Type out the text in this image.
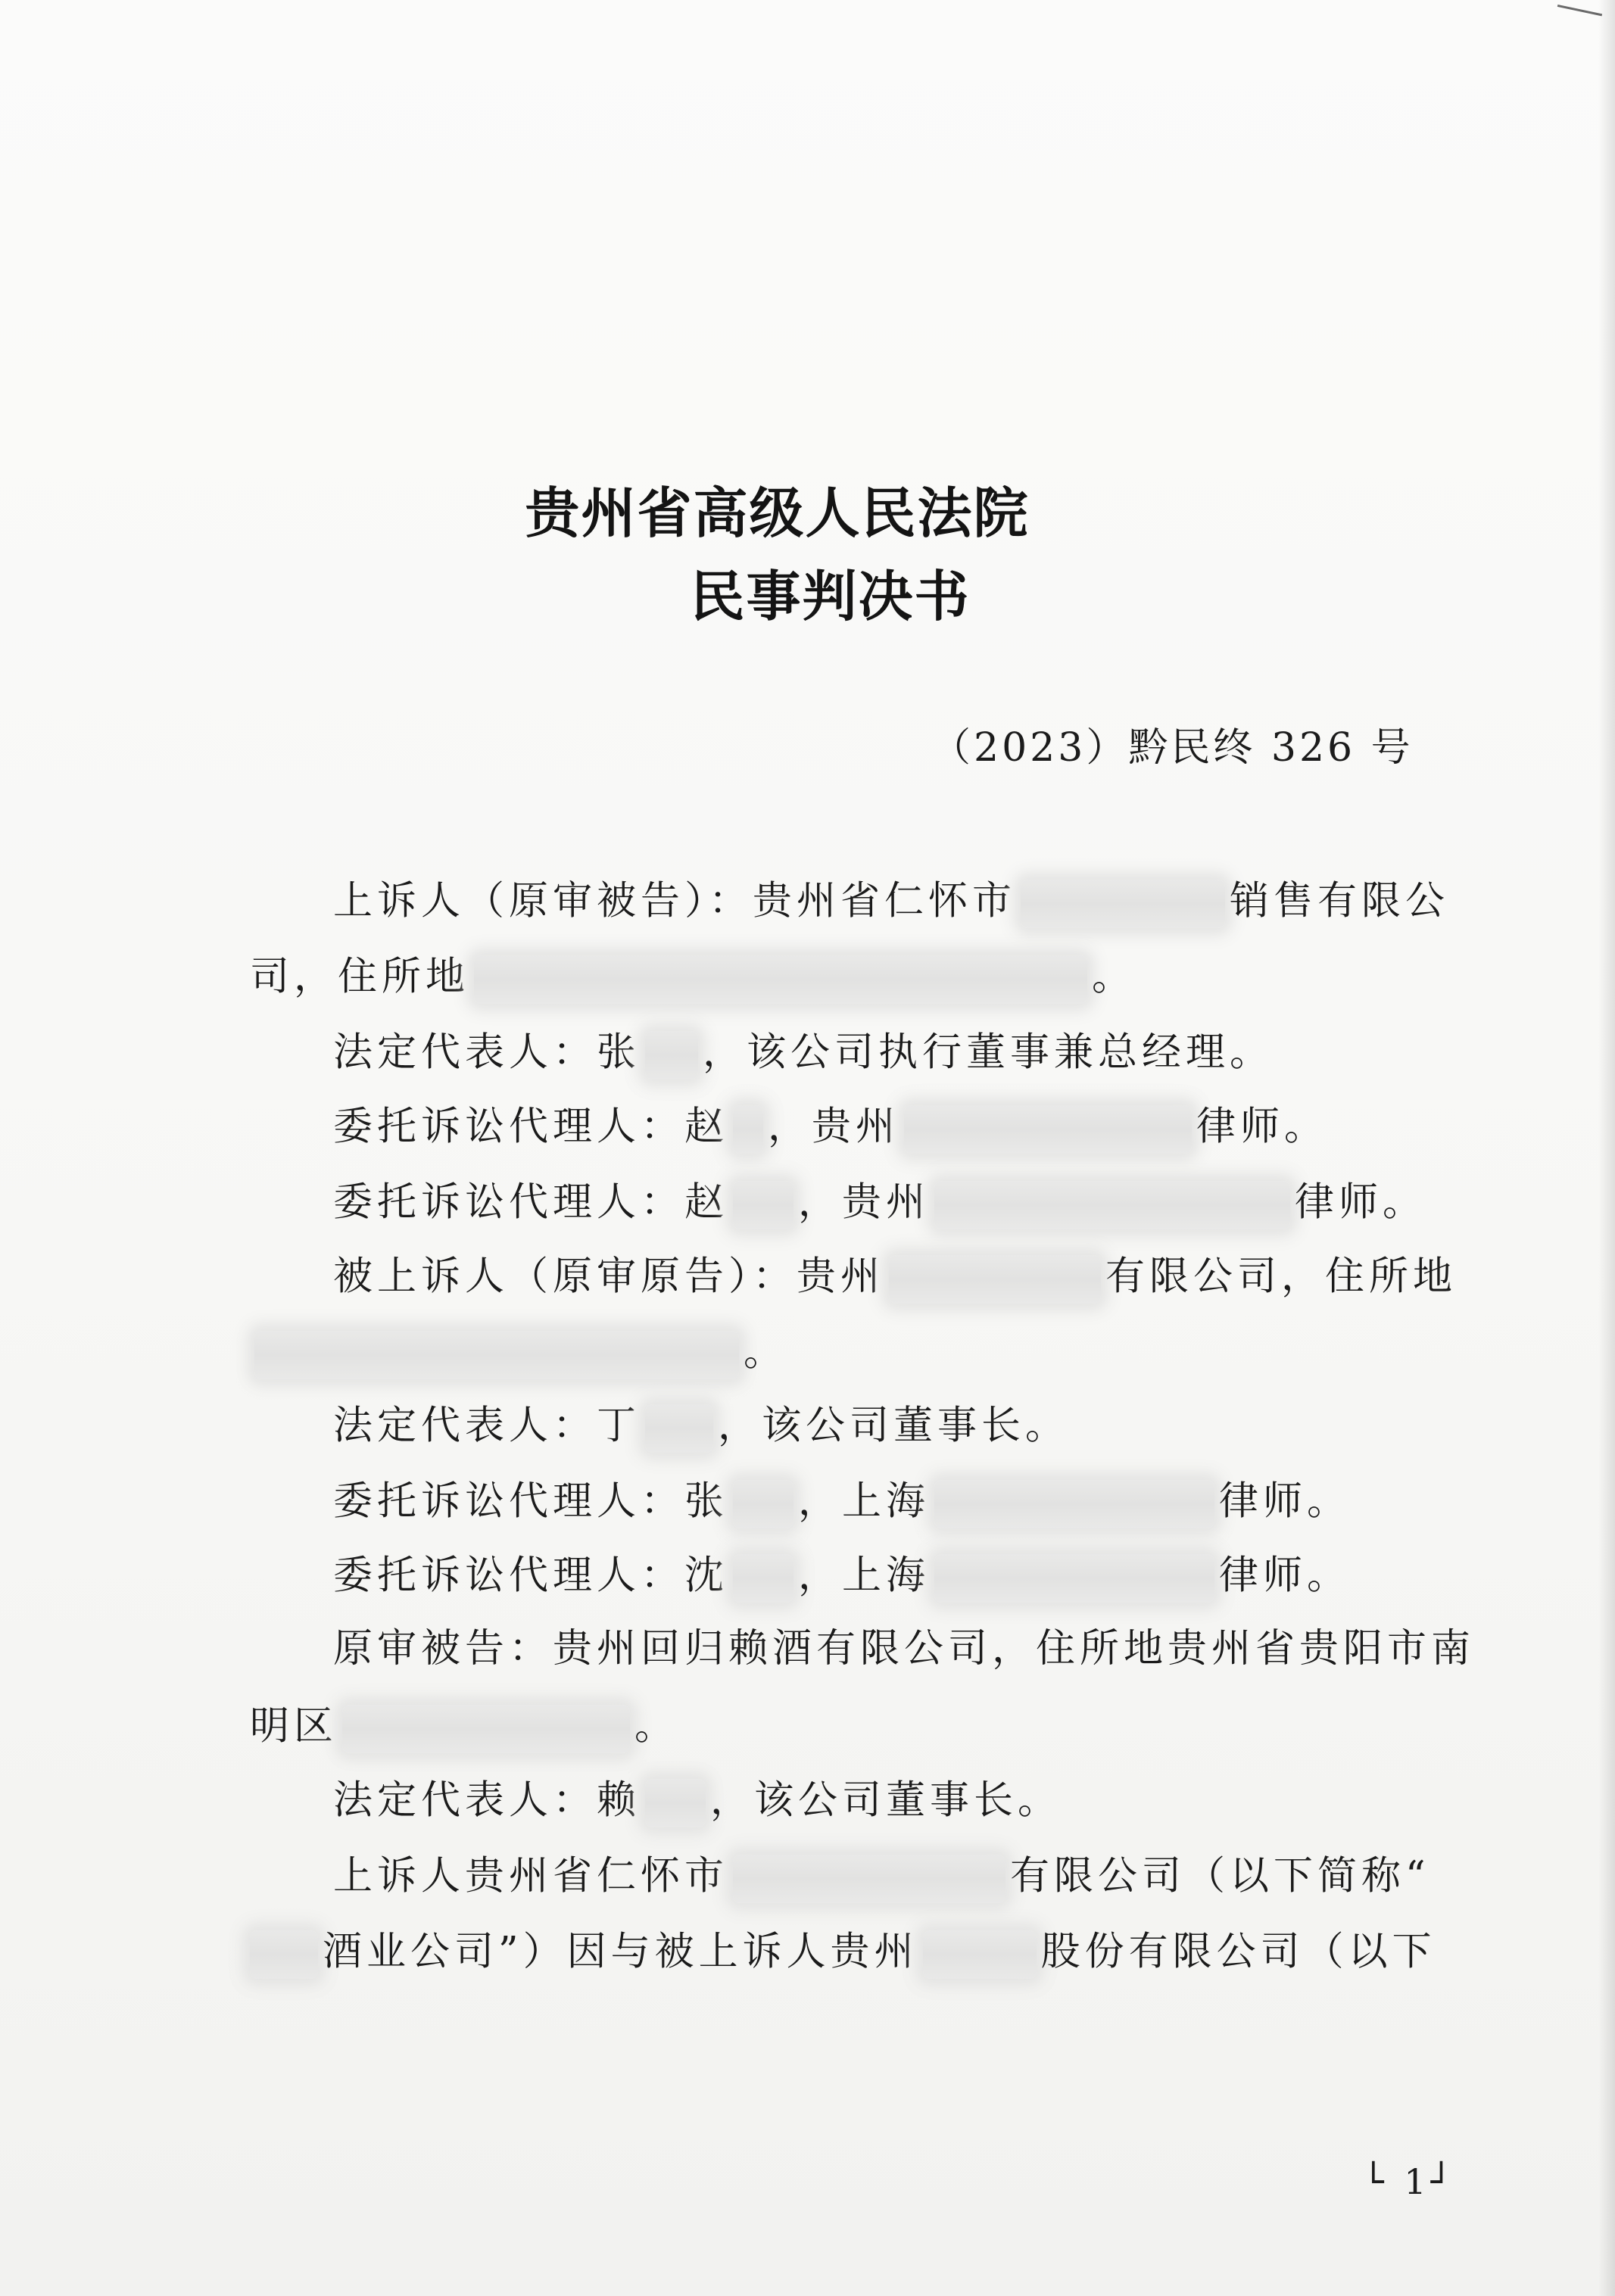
贵州省高级人民法院
民事判决书
（2023）黔民终 326 号
上诉人（原审被告）：贵州省仁怀市	销售有限公
司，住所地	。
法定代表人：张 ，该公司执行董事兼总经理。
委托诉讼代理人：赵 ，贵州	律师。
委托诉讼代理人：赵 ，贵州	律师。
被上诉人（原审原告）：贵州	有限公司，住所地
。
法定代表人：丁 ，该公司董事长。
委托诉讼代理人：张 ，上海	律师。
委托诉讼代理人：沈 ，上海	律师。
原审被告：贵州回归赖酒有限公司，住所地贵州省贵阳市南
明区	。
法定代表人：赖 ，该公司董事长。
上诉人贵州省仁怀市	有限公司（以下简称“
酒业公司”）因与被上诉人贵州	股份有限公司（以下
└ 1┘
